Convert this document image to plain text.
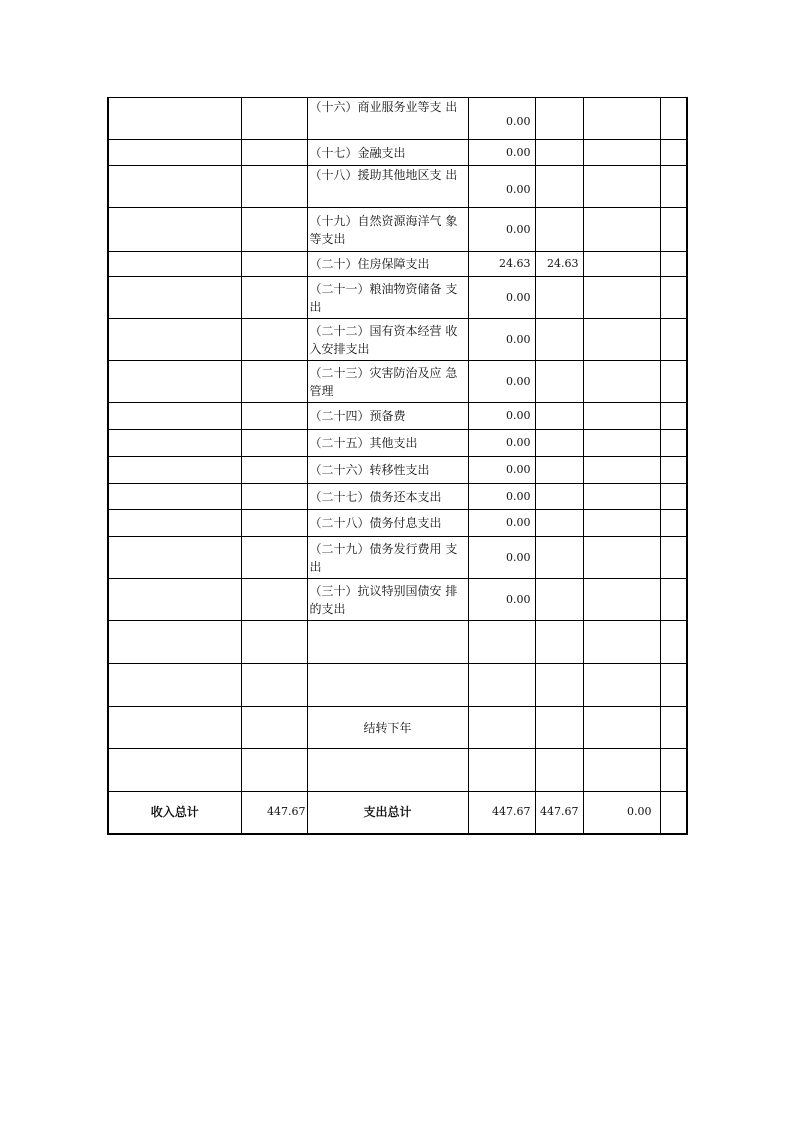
		（十六）商业服务业等支 出	0.00			
		（十七）金融支出	0.00			
		（十八）援助其他地区支 出	0.00			
		（十九）自然资源海洋气 象等支出	0.00			
		（二十）住房保障支出	24.63	24.63		
		（二十一）粮油物资储备 支出	0.00			
		（二十二）国有资本经营 收入安排支出	0.00			
		（二十三）灾害防治及应 急管理	0.00			
		（二十四）预备费	0.00			
		（二十五）其他支出	0.00			
		（二十六）转移性支出	0.00			
		（二十七）债务还本支出	0.00			
		（二十八）债务付息支出	0.00			
		（二十九）债务发行费用 支出	0.00			
		（三十）抗议特别国债安 排的支出	0.00			

		结转下年				

收入总计	447.67	支出总计	447.67	447.67	0.00	
